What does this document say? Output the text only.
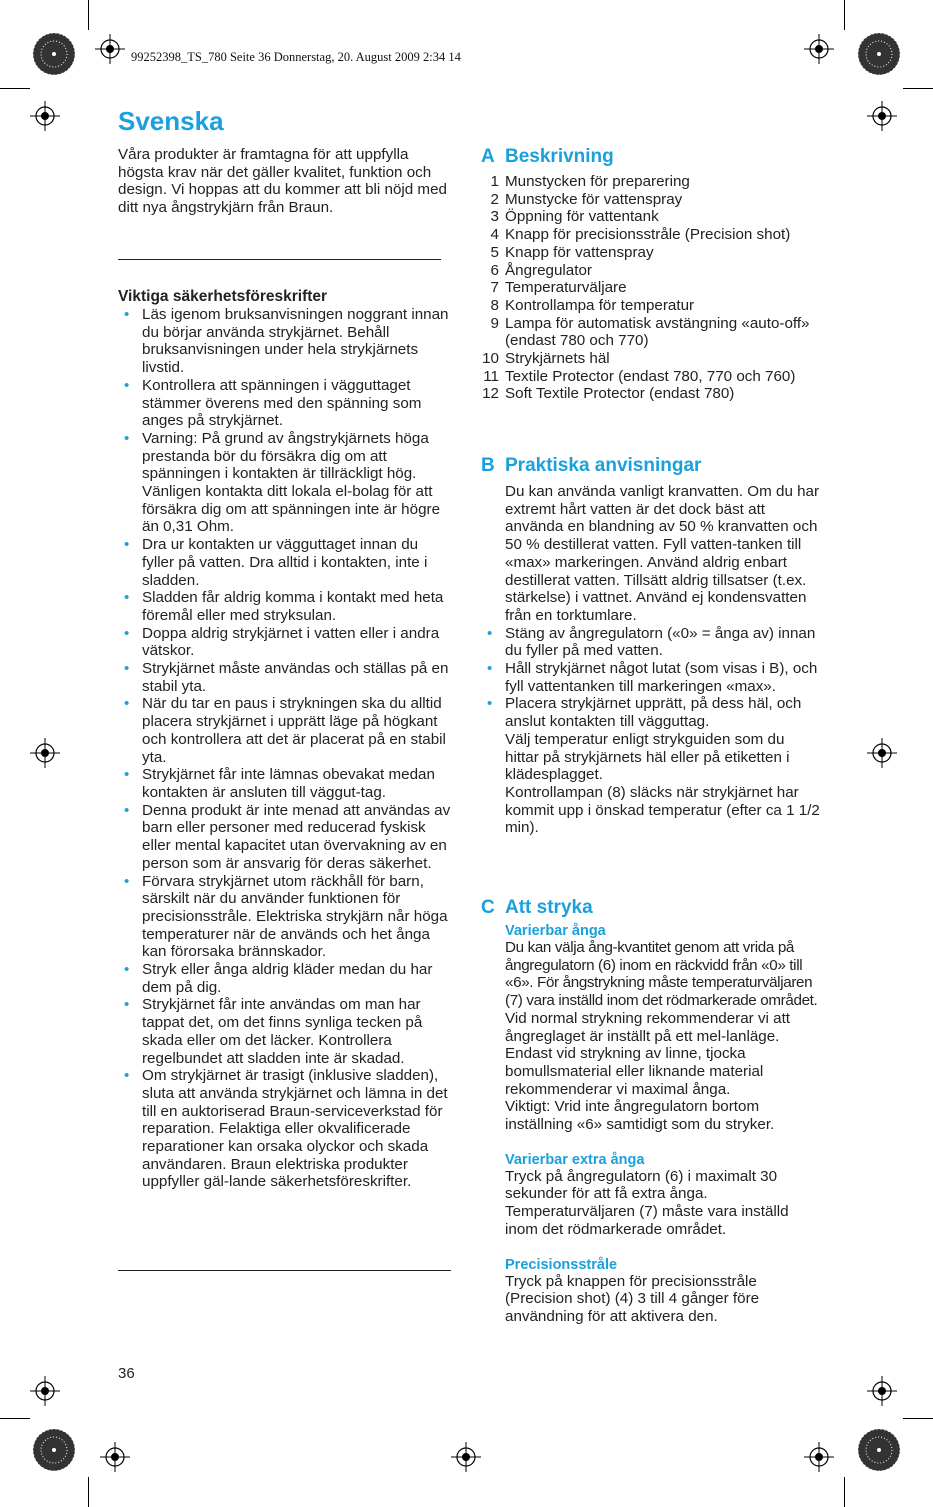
99252398_TS_780 Seite 36 Donnerstag, 20. August 2009 2:34 14
Svenska
Våra produkter är framtagna för att uppfylla högsta krav när det gäller kvalitet, funktion och design. Vi hoppas att du kommer att bli nöjd med ditt nya ångstrykjärn från Braun.
Viktiga säkerhetsföreskrifter
• Läs igenom bruksanvisningen noggrant innan du börjar använda strykjärnet. Behåll bruksanvisningen under hela strykjärnets livstid.
• Kontrollera att spänningen i vägguttaget stämmer överens med den spänning som anges på strykjärnet.
• Varning: På grund av ångstrykjärnets höga prestanda bör du försäkra dig om att spänningen i kontakten är tillräckligt hög. Vänligen kontakta ditt lokala el-bolag för att försäkra dig om att spänningen inte är högre än 0,31 Ohm.
• Dra ur kontakten ur vägguttaget innan du fyller på vatten. Dra alltid i kontakten, inte i sladden.
• Sladden får aldrig komma i kontakt med heta föremål eller med stryksulan.
• Doppa aldrig strykjärnet i vatten eller i andra vätskor.
• Strykjärnet måste användas och ställas på en stabil yta.
• När du tar en paus i strykningen ska du alltid placera strykjärnet i upprätt läge på högkant och kontrollera att det är placerat på en stabil yta.
• Strykjärnet får inte lämnas obevakat medan kontakten är ansluten till väggut-tag.
• Denna produkt är inte menad att användas av barn eller personer med reducerad fyskisk eller mental kapacitet utan övervakning av en person som är ansvarig för deras säkerhet.
• Förvara strykjärnet utom räckhåll för barn, särskilt när du använder funktionen för precisionsstråle. Elektriska strykjärn når höga temperaturer när de används och het ånga kan förorsaka brännskador.
• Stryk eller ånga aldrig kläder medan du har dem på dig.
• Strykjärnet får inte användas om man har tappat det, om det finns synliga tecken på skada eller om det läcker. Kontrollera regelbundet att sladden inte är skadad.
• Om strykjärnet är trasigt (inklusive sladden), sluta att använda strykjärnet och lämna in det till en auktoriserad Braun-serviceverkstad för reparation. Felaktiga eller okvalificerade reparationer kan orsaka olyckor och skada användaren. Braun elektriska produkter uppfyller gäl-lande säkerhetsföreskrifter.
36
A Beskrivning
1 Munstycken för preparering
2 Munstycke för vattenspray
3 Öppning för vattentank
4 Knapp för precisionsstråle (Precision shot)
5 Knapp för vattenspray
6 Ångregulator
7 Temperaturväljare
8 Kontrollampa för temperatur
9 Lampa för automatisk avstängning «auto-off» (endast 780 och 770)
10 Strykjärnets häl
11 Textile Protector (endast 780, 770 och 760)
12 Soft Textile Protector (endast 780)
B Praktiska anvisningar
Du kan använda vanligt kranvatten. Om du har extremt hårt vatten är det dock bäst att använda en blandning av 50 % kranvatten och 50 % destillerat vatten. Fyll vatten-tanken till «max» markeringen. Använd aldrig enbart destillerat vatten. Tillsätt aldrig tillsatser (t.ex. stärkelse) i vattnet. Använd ej kondensvatten från en torktumlare.
• Stäng av ångregulatorn («0» = ånga av) innan du fyller på med vatten.
• Håll strykjärnet något lutat (som visas i B), och fyll vattentanken till markeringen «max».
• Placera strykjärnet upprätt, på dess häl, och anslut kontakten till vägguttag.
Välj temperatur enligt strykguiden som du hittar på strykjärnets häl eller på etiketten i klädesplagget.
Kontrollampan (8) släcks när strykjärnet har kommit upp i önskad temperatur (efter ca 1 1/2 min).
C Att stryka
Varierbar ånga
Du kan välja ång-kvantitet genom att vrida på ångregulatorn (6) inom en räckvidd från «0» till «6». För ångstrykning måste temperaturväljaren (7) vara inställd inom det rödmarkerade området.
Vid normal strykning rekommenderar vi att ångreglaget är inställt på ett mel-lanläge. Endast vid strykning av linne, tjocka bomullsmaterial eller liknande material rekommenderar vi maximal ånga.
Viktigt: Vrid inte ångregulatorn bortom inställning «6» samtidigt som du stryker.
Varierbar extra ånga
Tryck på ångregulatorn (6) i maximalt 30 sekunder för att få extra ånga. Temperaturväljaren (7) måste vara inställd inom det rödmarkerade området.
Precisionsstråle
Tryck på knappen för precisionsstråle (Precision shot) (4) 3 till 4 gånger före användning för att aktivera den.
